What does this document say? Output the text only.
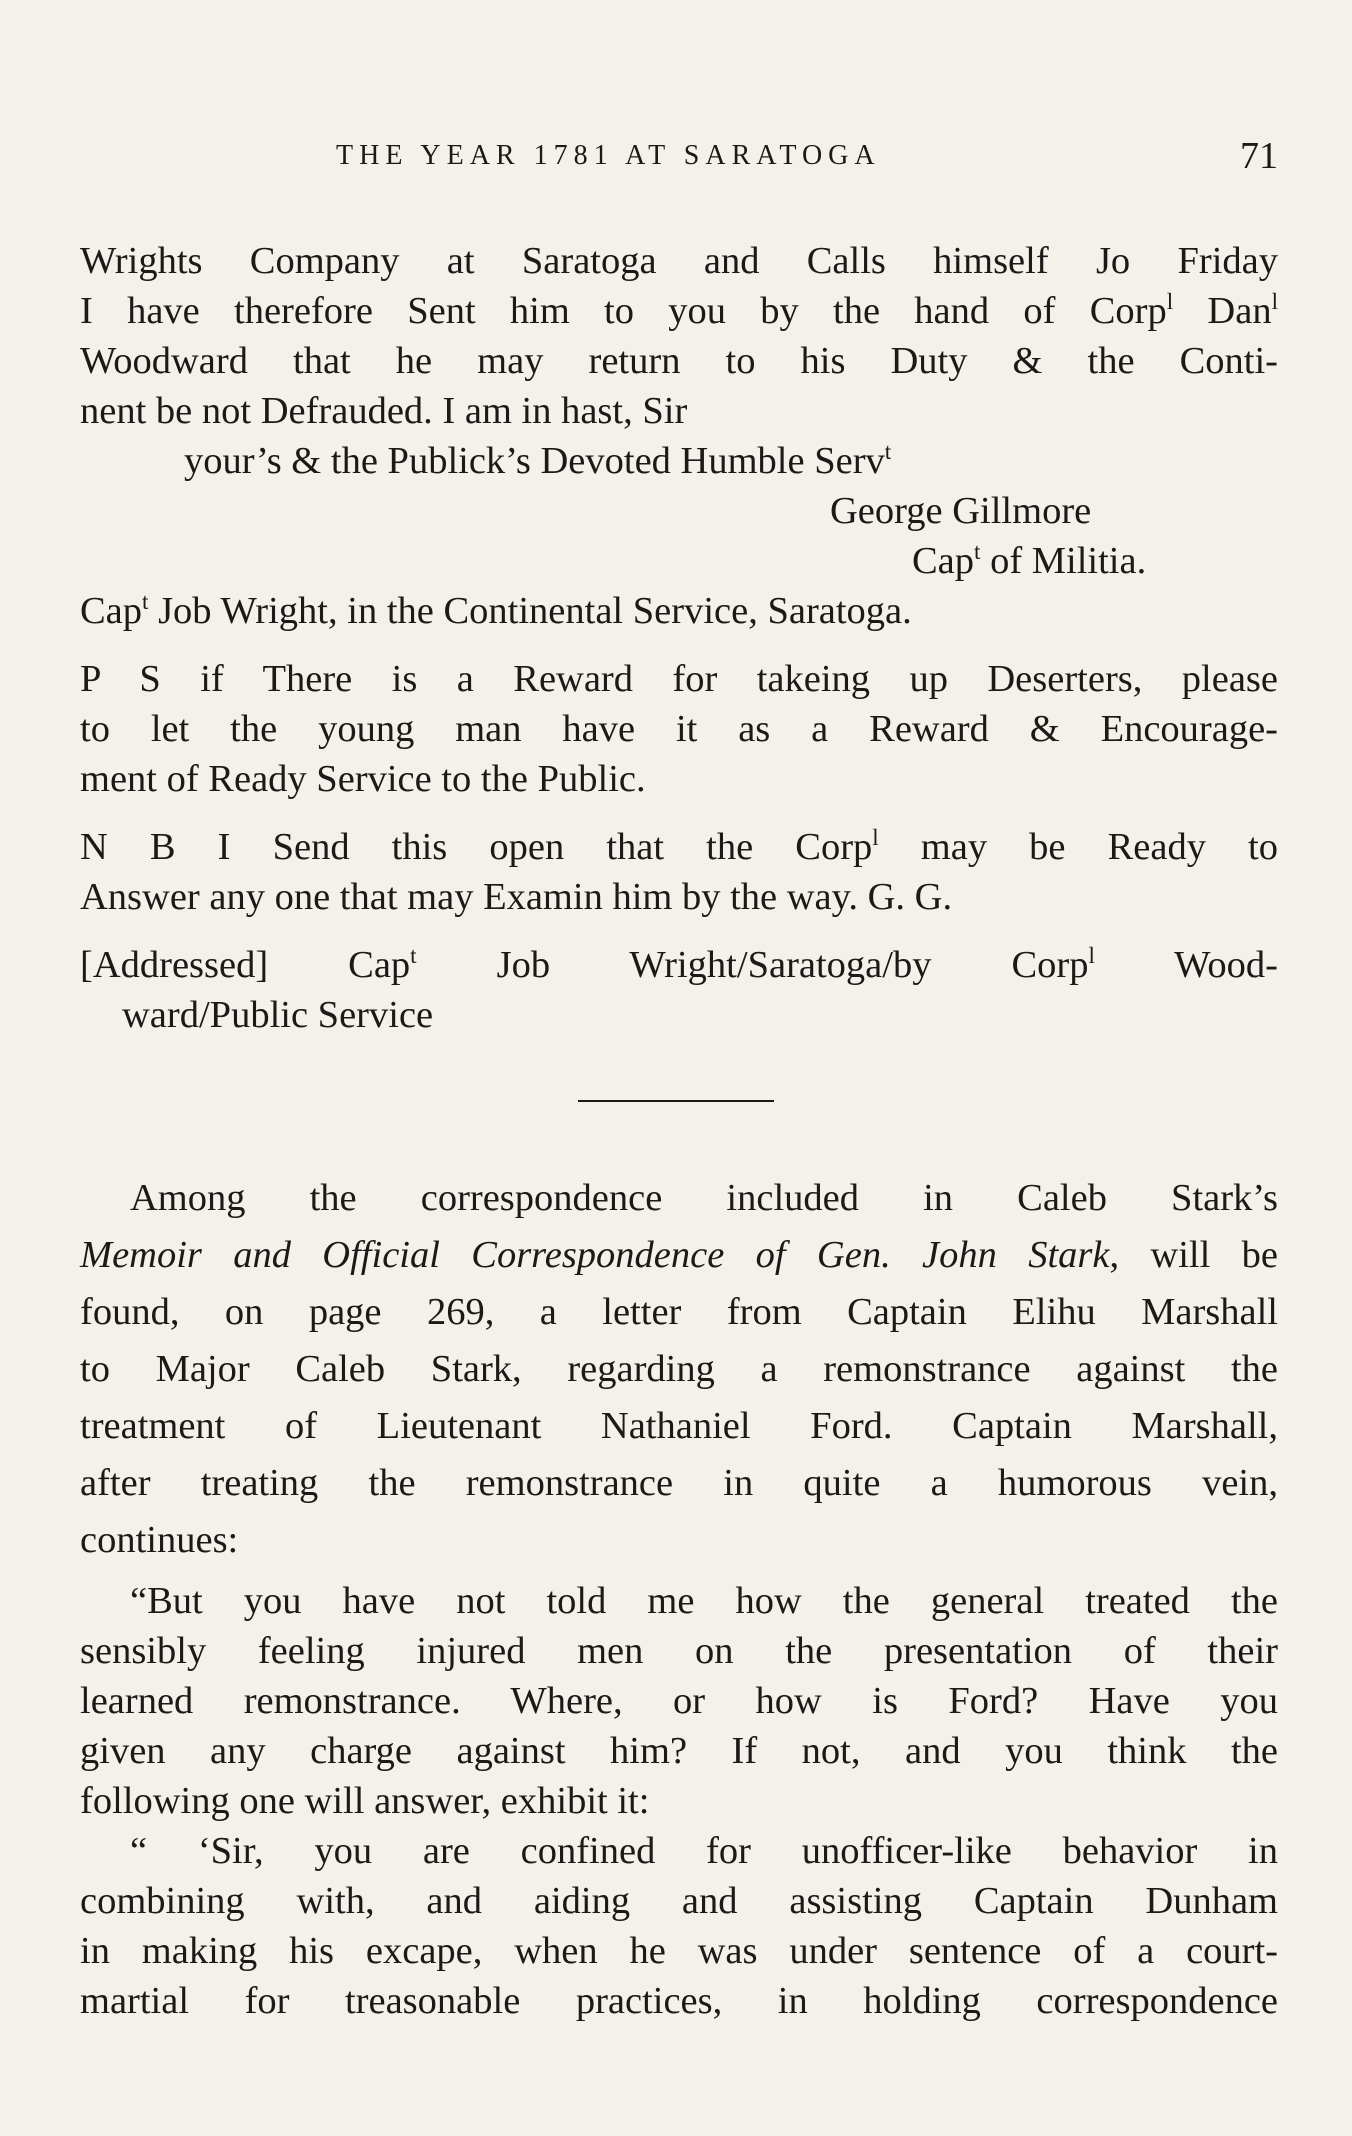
THE YEAR 1781 AT SARATOGA	71
Wrights Company at Saratoga and Calls himself Jo Friday
I have therefore Sent him to you by the hand of Corp$^l$ Dan$^l$
Woodward that he may return to his Duty & the Conti-
nent be not Defrauded. I am in hast, Sir
your’s & the Publick’s Devoted Humble Serv$^t$
George Gillmore
Cap$^t$ of Militia.
Cap$^t$ Job Wright, in the Continental Service, Saratoga.
P S if There is a Reward for takeing up Deserters, please
to let the young man have it as a Reward & Encourage-
ment of Ready Service to the Public.
N B I Send this open that the Corp$^l$ may be Ready to
Answer any one that may Examin him by the way. G. G.
[Addressed] Cap$^t$ Job Wright/Saratoga/by Corp$^l$ Wood-
ward/Public Service
Among the correspondence included in Caleb Stark’s
Memoir and Official Correspondence of Gen. John Stark, will be
found, on page 269, a letter from Captain Elihu Marshall
to Major Caleb Stark, regarding a remonstrance against the
treatment of Lieutenant Nathaniel Ford. Captain Marshall,
after treating the remonstrance in quite a humorous vein,
continues:
“But you have not told me how the general treated the
sensibly feeling injured men on the presentation of their
learned remonstrance. Where, or how is Ford? Have you
given any charge against him? If not, and you think the
following one will answer, exhibit it:
“ ‘Sir, you are confined for unofficer-like behavior in
combining with, and aiding and assisting Captain Dunham
in making his excape, when he was under sentence of a court-
martial for treasonable practices, in holding correspondence
